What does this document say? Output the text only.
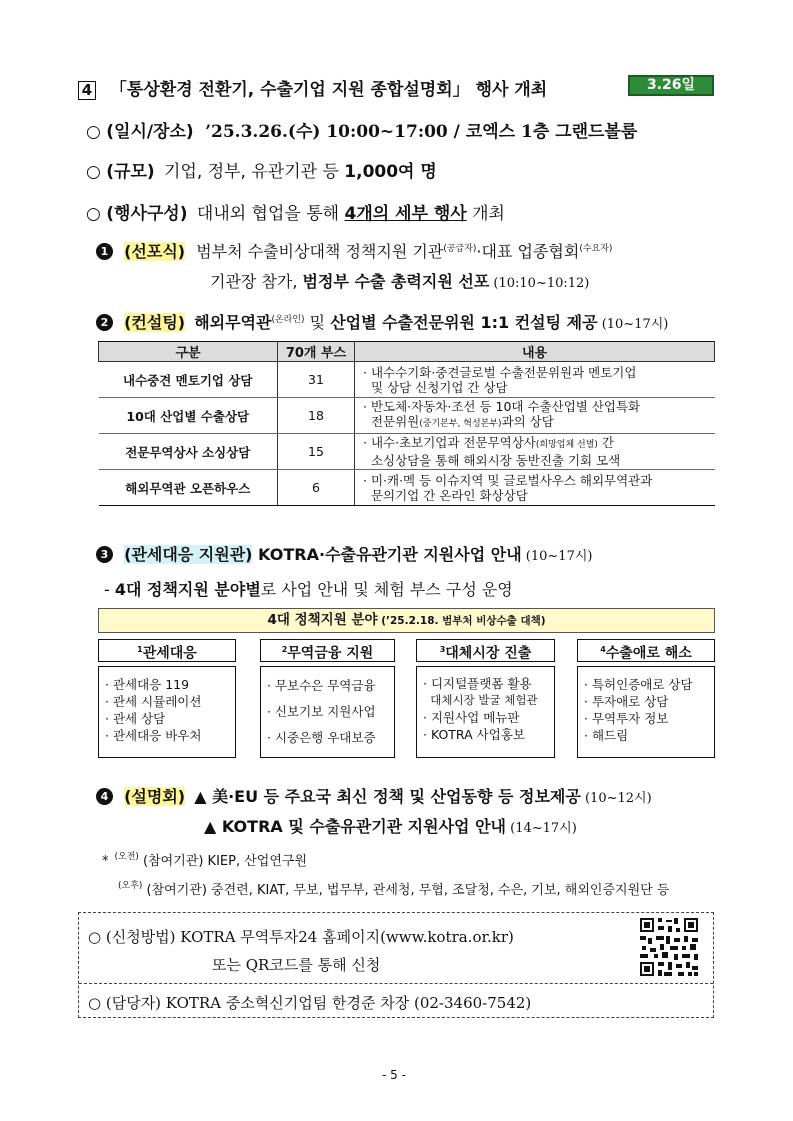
4 「통상환경 전환기, 수출기업 지원 종합설명회」 행사 개최	3.26일
○ (일시/장소) ’25.3.26.(수) 10:00~17:00 / 코엑스 1층 그랜드볼룸
○ (규모) 기업, 정부, 유관기관 등 1,000여 명
○ (행사구성) 대내외 협업을 통해 4개의 세부 행사 개최
1 (선포식) 범부처 수출비상대책 정책지원 기관$^{(공급자)}$·대표 업종협회$^{(수요자)}$
기관장 참가, 범정부 수출 총력지원 선포 (10:10~10:12)
2 (컨설팅) 해외무역관$^{(온라인)}$ 및 산업별 수출전문위원 1:1 컨설팅 제공 (10~17시)
구분	70개 부스	내용
내수중견 멘토기업 상담	31	· 내수수기화·중견글로벌 수출전문위원과 멘토기업
및 상담 신청기업 간 상담

10대 산업별 수출상담	18	· 반도체·자동차·조선 등 10대 수출산업별 산업특화
전문위원(중기본부, 혁성본부)과의 상담

전문무역상사 소싱상담	15	· 내수·초보기업과 전문무역상사(희망업체 선별) 간
소싱상담을 통해 해외시장 동반진출 기회 모색

해외무역관 오픈하우스	6	· 미·캐·멕 등 이슈지역 및 글로벌사우스 해외무역관과
문의기업 간 온라인 화상상담
3 (관세대응 지원관) KOTRA·수출유관기관 지원사업 안내 (10~17시)
- 4대 정책지원 분야별로 사업 안내 및 체험 부스 구성 운영
4대 정책지원 분야 (’25.2.18. 범부처 비상수출 대책)
$^1$관세대응
· 관세대응 119
· 관세 시뮬레이션
· 관세 상담
· 관세대응 바우처
$^2$무역금융 지원
· 무보수은 무역금융
· 신보기보 지원사업
· 시중은행 우대보증
$^3$대체시장 진출
· 디지털플랫폼 활용
대체시장 발굴 체험관
· 지원사업 메뉴판
· KOTRA 사업홍보
$^4$수출애로 해소
· 특허인증애로 상담
· 투자애로 상담
· 무역투자 정보
· 해드림
4 (설명회) ▲ 美·EU 등 주요국 최신 정책 및 산업동향 등 정보제공 (10~12시)
▲ KOTRA 및 수출유관기관 지원사업 안내 (14~17시)
* $^{(오전)}$ (참여기관) KIEP, 산업연구원
$^{(오후)}$ (참여기관) 중견련, KIAT, 무보, 법무부, 관세청, 무협, 조달청, 수은, 기보, 해외인증지원단 등
○ (신청방법) KOTRA 무역투자24 홈페이지(www.kotra.or.kr)
또는 QR코드를 통해 신청
○ (담당자) KOTRA 중소혁신기업팀 한경준 차장 (02-3460-7542)
- 5 -
